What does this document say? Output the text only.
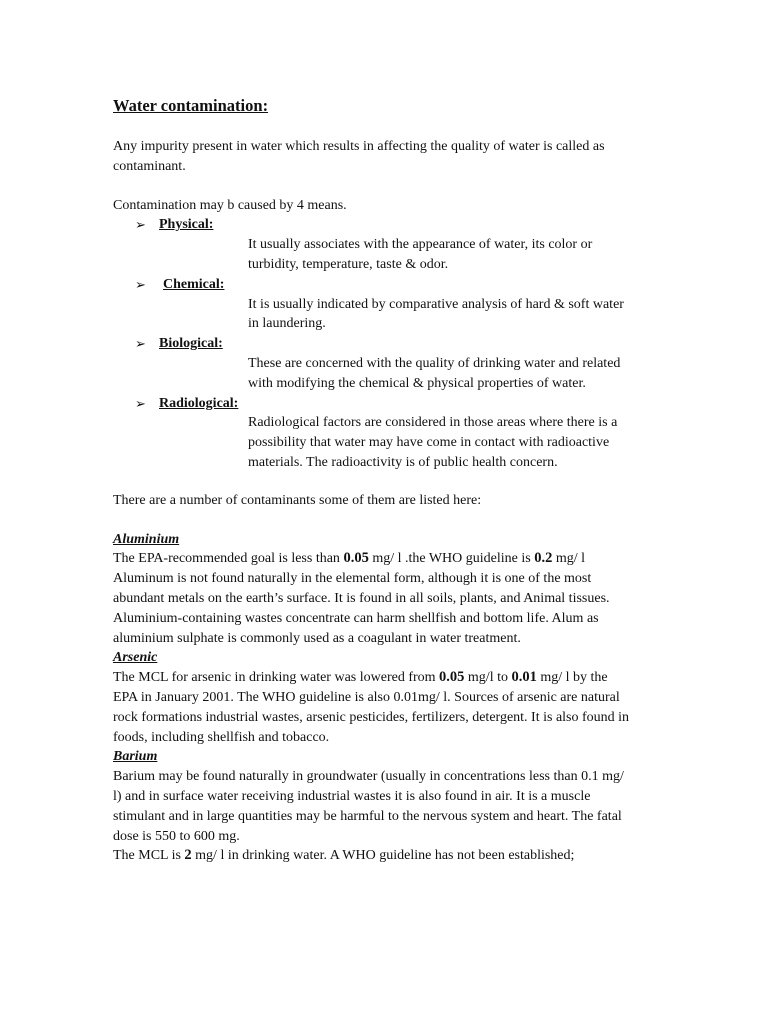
Water contamination:

Any impurity present in water which results in affecting the quality of water is called as contaminant.

Contamination may b caused by 4 means.

➢ Physical:
It usually associates with the appearance of water, its color or turbidity, temperature, taste & odor.
➢	Chemical:
It is usually indicated by comparative analysis of hard & soft water in laundering.
➢ Biological:
These are concerned with the quality of drinking water and related with modifying the chemical & physical properties of water.
➢ Radiological:
Radiological factors are considered in those areas where there is a possibility that water may have come in contact with radioactive materials. The radioactivity is of public health concern.

There are a number of contaminants some of them are listed here:

Aluminium

The EPA-recommended goal is less than 0.05 mg/ l .the WHO guideline is 0.2 mg/ l Aluminum is not found naturally in the elemental form, although it is one of the most abundant metals on the earth’s surface. It is found in all soils, plants, and Animal tissues. Aluminium-containing wastes concentrate can harm shellfish and bottom life. Alum as aluminium sulphate is commonly used as a coagulant in water treatment.

Arsenic

The MCL for arsenic in drinking water was lowered from 0.05 mg/l to 0.01 mg/ l by the EPA in January 2001. The WHO guideline is also 0.01mg/ l. Sources of arsenic are natural rock formations industrial wastes, arsenic pesticides, fertilizers, detergent. It is also found in foods, including shellfish and tobacco.

Barium

Barium may be found naturally in groundwater (usually in concentrations less than 0.1 mg/ l) and in surface water receiving industrial wastes it is also found in air. It is a muscle stimulant and in large quantities may be harmful to the nervous system and heart. The fatal dose is 550 to 600 mg.

The MCL is 2 mg/ l in drinking water. A WHO guideline has not been established;
